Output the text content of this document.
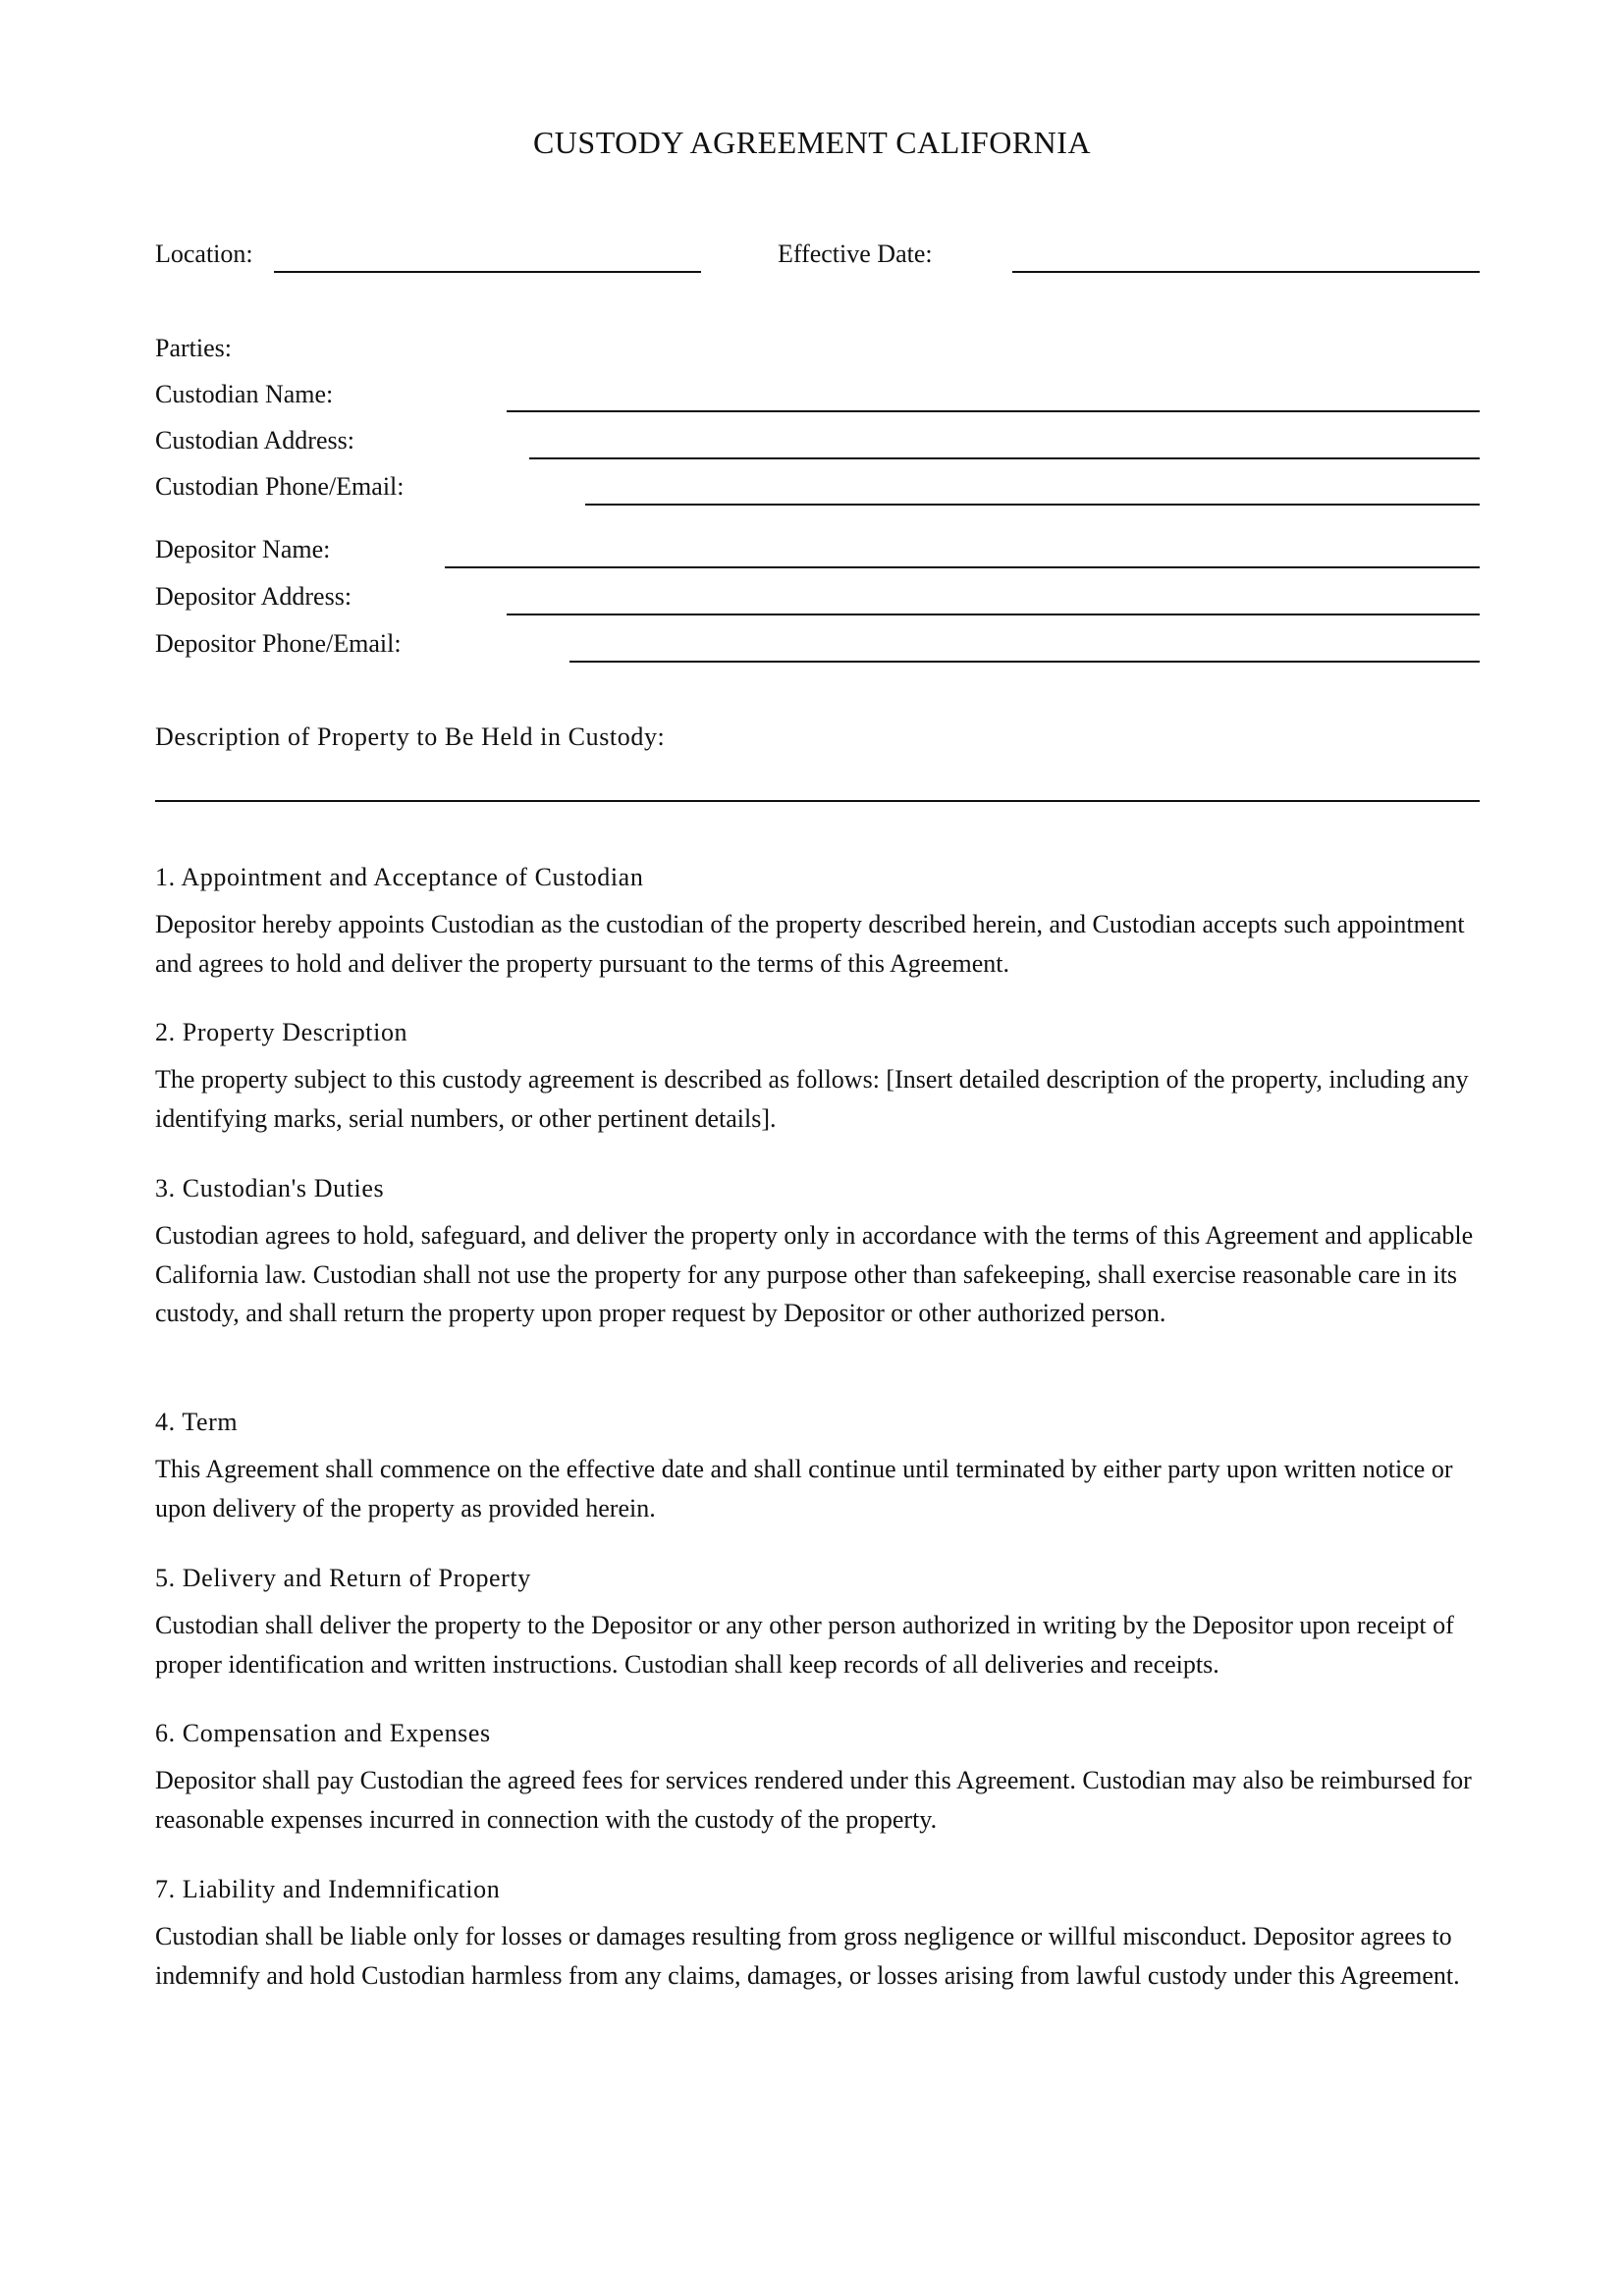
CUSTODY AGREEMENT CALIFORNIA
Location:	Effective Date:
Parties:
Custodian Name:
Custodian Address:
Custodian Phone/Email:
Depositor Name:
Depositor Address:
Depositor Phone/Email:
Description of Property to Be Held in Custody:
1. Appointment and Acceptance of Custodian
Depositor hereby appoints Custodian as the custodian of the property described herein, and Custodian accepts such appointment and agrees to hold and deliver the property pursuant to the terms of this Agreement.
2. Property Description
The property subject to this custody agreement is described as follows: [Insert detailed description of the property, including any identifying marks, serial numbers, or other pertinent details].
3. Custodian's Duties
Custodian agrees to hold, safeguard, and deliver the property only in accordance with the terms of this Agreement and applicable California law. Custodian shall not use the property for any purpose other than safekeeping, shall exercise reasonable care in its custody, and shall return the property upon proper request by Depositor or other authorized person.
4. Term
This Agreement shall commence on the effective date and shall continue until terminated by either party upon written notice or upon delivery of the property as provided herein.
5. Delivery and Return of Property
Custodian shall deliver the property to the Depositor or any other person authorized in writing by the Depositor upon receipt of proper identification and written instructions. Custodian shall keep records of all deliveries and receipts.
6. Compensation and Expenses
Depositor shall pay Custodian the agreed fees for services rendered under this Agreement. Custodian may also be reimbursed for reasonable expenses incurred in connection with the custody of the property.
7. Liability and Indemnification
Custodian shall be liable only for losses or damages resulting from gross negligence or willful misconduct. Depositor agrees to indemnify and hold Custodian harmless from any claims, damages, or losses arising from lawful custody under this Agreement.
